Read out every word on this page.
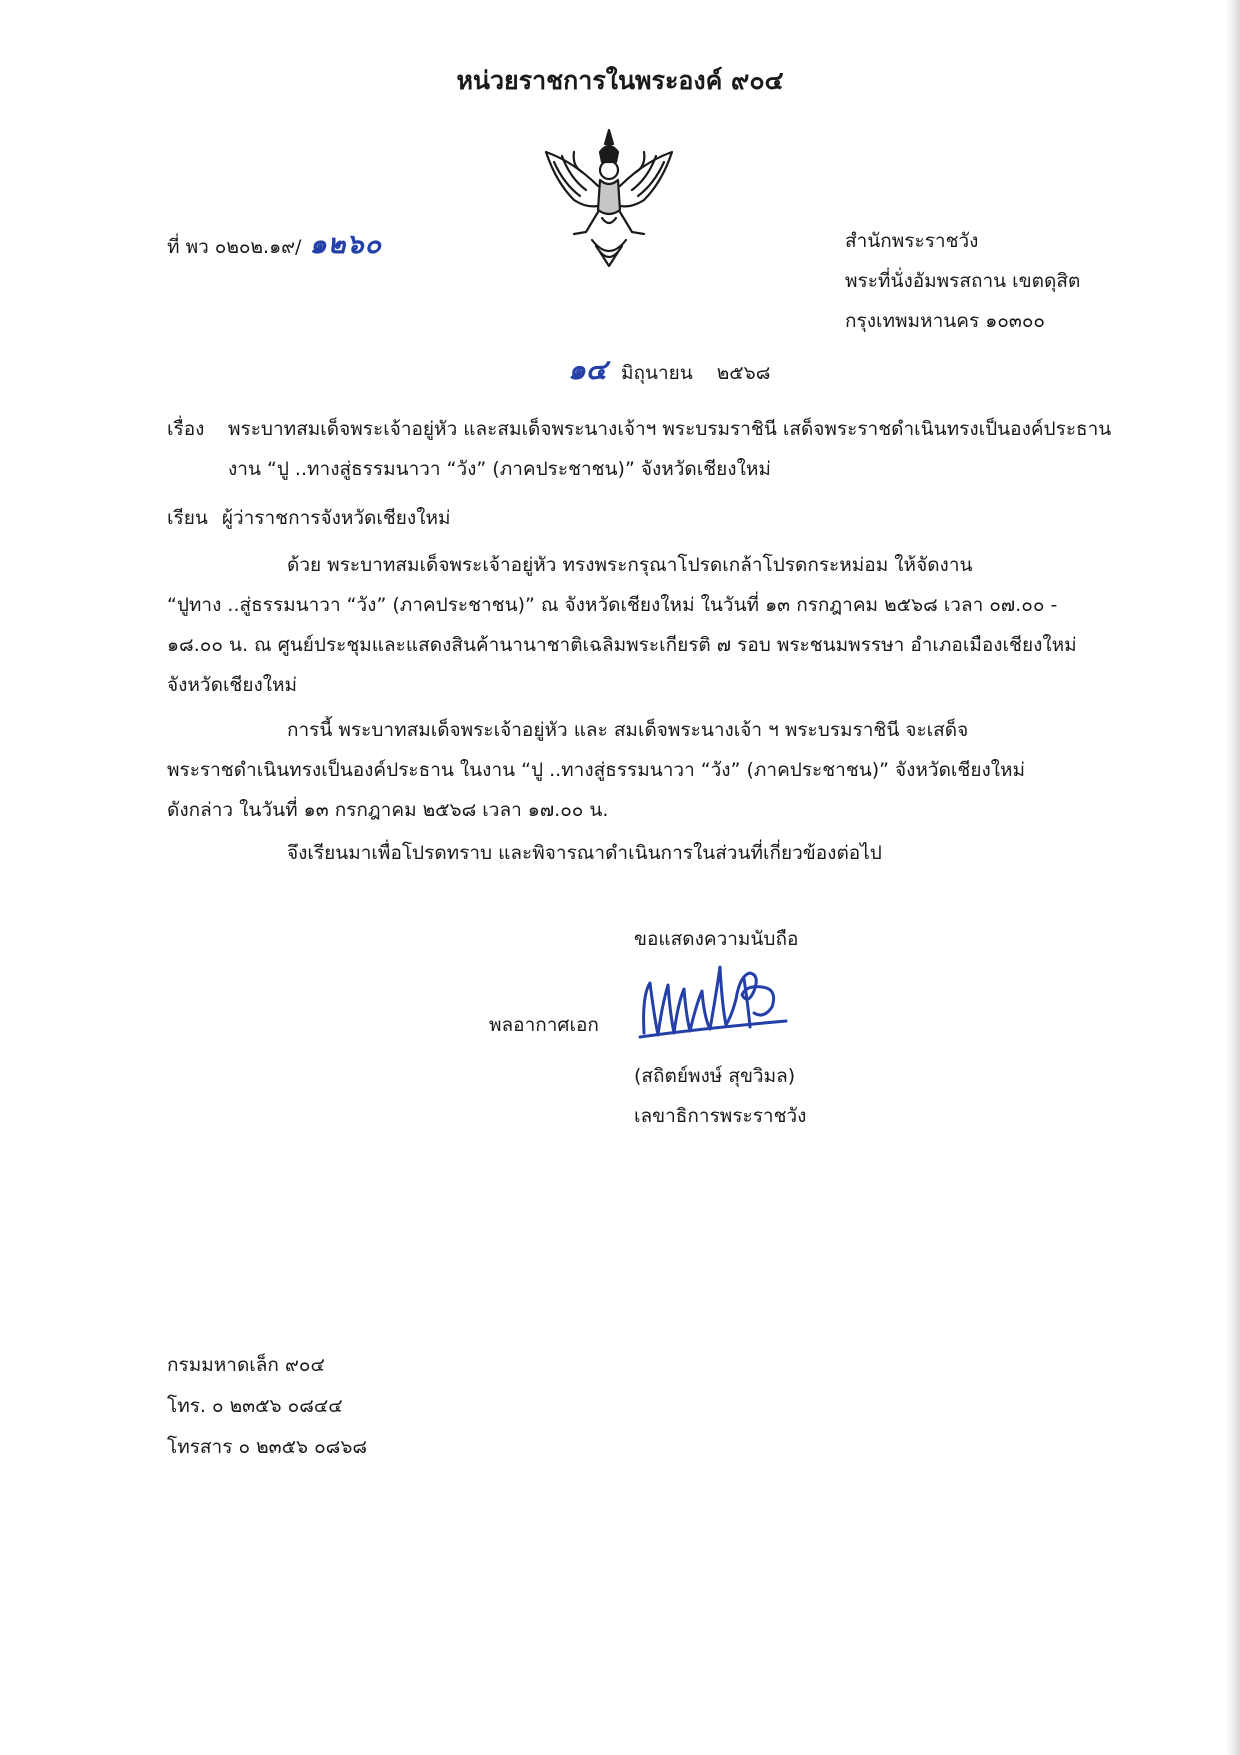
หน่วยราชการในพระองค์ ๙๐๔
ที่ พว ๐๒๐๒.๑๙/ ๑๒๖๐	สำนักพระราชวัง
พระที่นั่งอัมพรสถาน เขตดุสิต
กรุงเทพมหานคร ๑๐๓๐๐
๑๔ มิถุนายน ๒๕๖๘
เรื่อง พระบาทสมเด็จพระเจ้าอยู่หัว และสมเด็จพระนางเจ้าฯ พระบรมราชินี เสด็จพระราชดำเนินทรงเป็นองค์ประธาน
งาน “ปู ..ทางสู่ธรรมนาวา “วัง” (ภาคประชาชน)” จังหวัดเชียงใหม่
เรียน ผู้ว่าราชการจังหวัดเชียงใหม่
ด้วย พระบาทสมเด็จพระเจ้าอยู่หัว ทรงพระกรุณาโปรดเกล้าโปรดกระหม่อม ให้จัดงาน
“ปูทาง ..สู่ธรรมนาวา “วัง” (ภาคประชาชน)” ณ จังหวัดเชียงใหม่ ในวันที่ ๑๓ กรกฎาคม ๒๕๖๘ เวลา ๐๗.๐๐ -
๑๘.๐๐ น. ณ ศูนย์ประชุมและแสดงสินค้านานาชาติเฉลิมพระเกียรติ ๗ รอบ พระชนมพรรษา อำเภอเมืองเชียงใหม่
จังหวัดเชียงใหม่
การนี้ พระบาทสมเด็จพระเจ้าอยู่หัว และ สมเด็จพระนางเจ้า ฯ พระบรมราชินี จะเสด็จ
พระราชดำเนินทรงเป็นองค์ประธาน ในงาน “ปู ..ทางสู่ธรรมนาวา “วัง” (ภาคประชาชน)” จังหวัดเชียงใหม่
ดังกล่าว ในวันที่ ๑๓ กรกฎาคม ๒๕๖๘ เวลา ๑๗.๐๐ น.
จึงเรียนมาเพื่อโปรดทราบ และพิจารณาดำเนินการในส่วนที่เกี่ยวข้องต่อไป
ขอแสดงความนับถือ
พลอากาศเอก
(สถิตย์พงษ์ สุขวิมล)
เลขาธิการพระราชวัง
กรมมหาดเล็ก ๙๐๔
โทร. ๐ ๒๓๕๖ ๐๘๔๔
โทรสาร ๐ ๒๓๕๖ ๐๘๖๘
